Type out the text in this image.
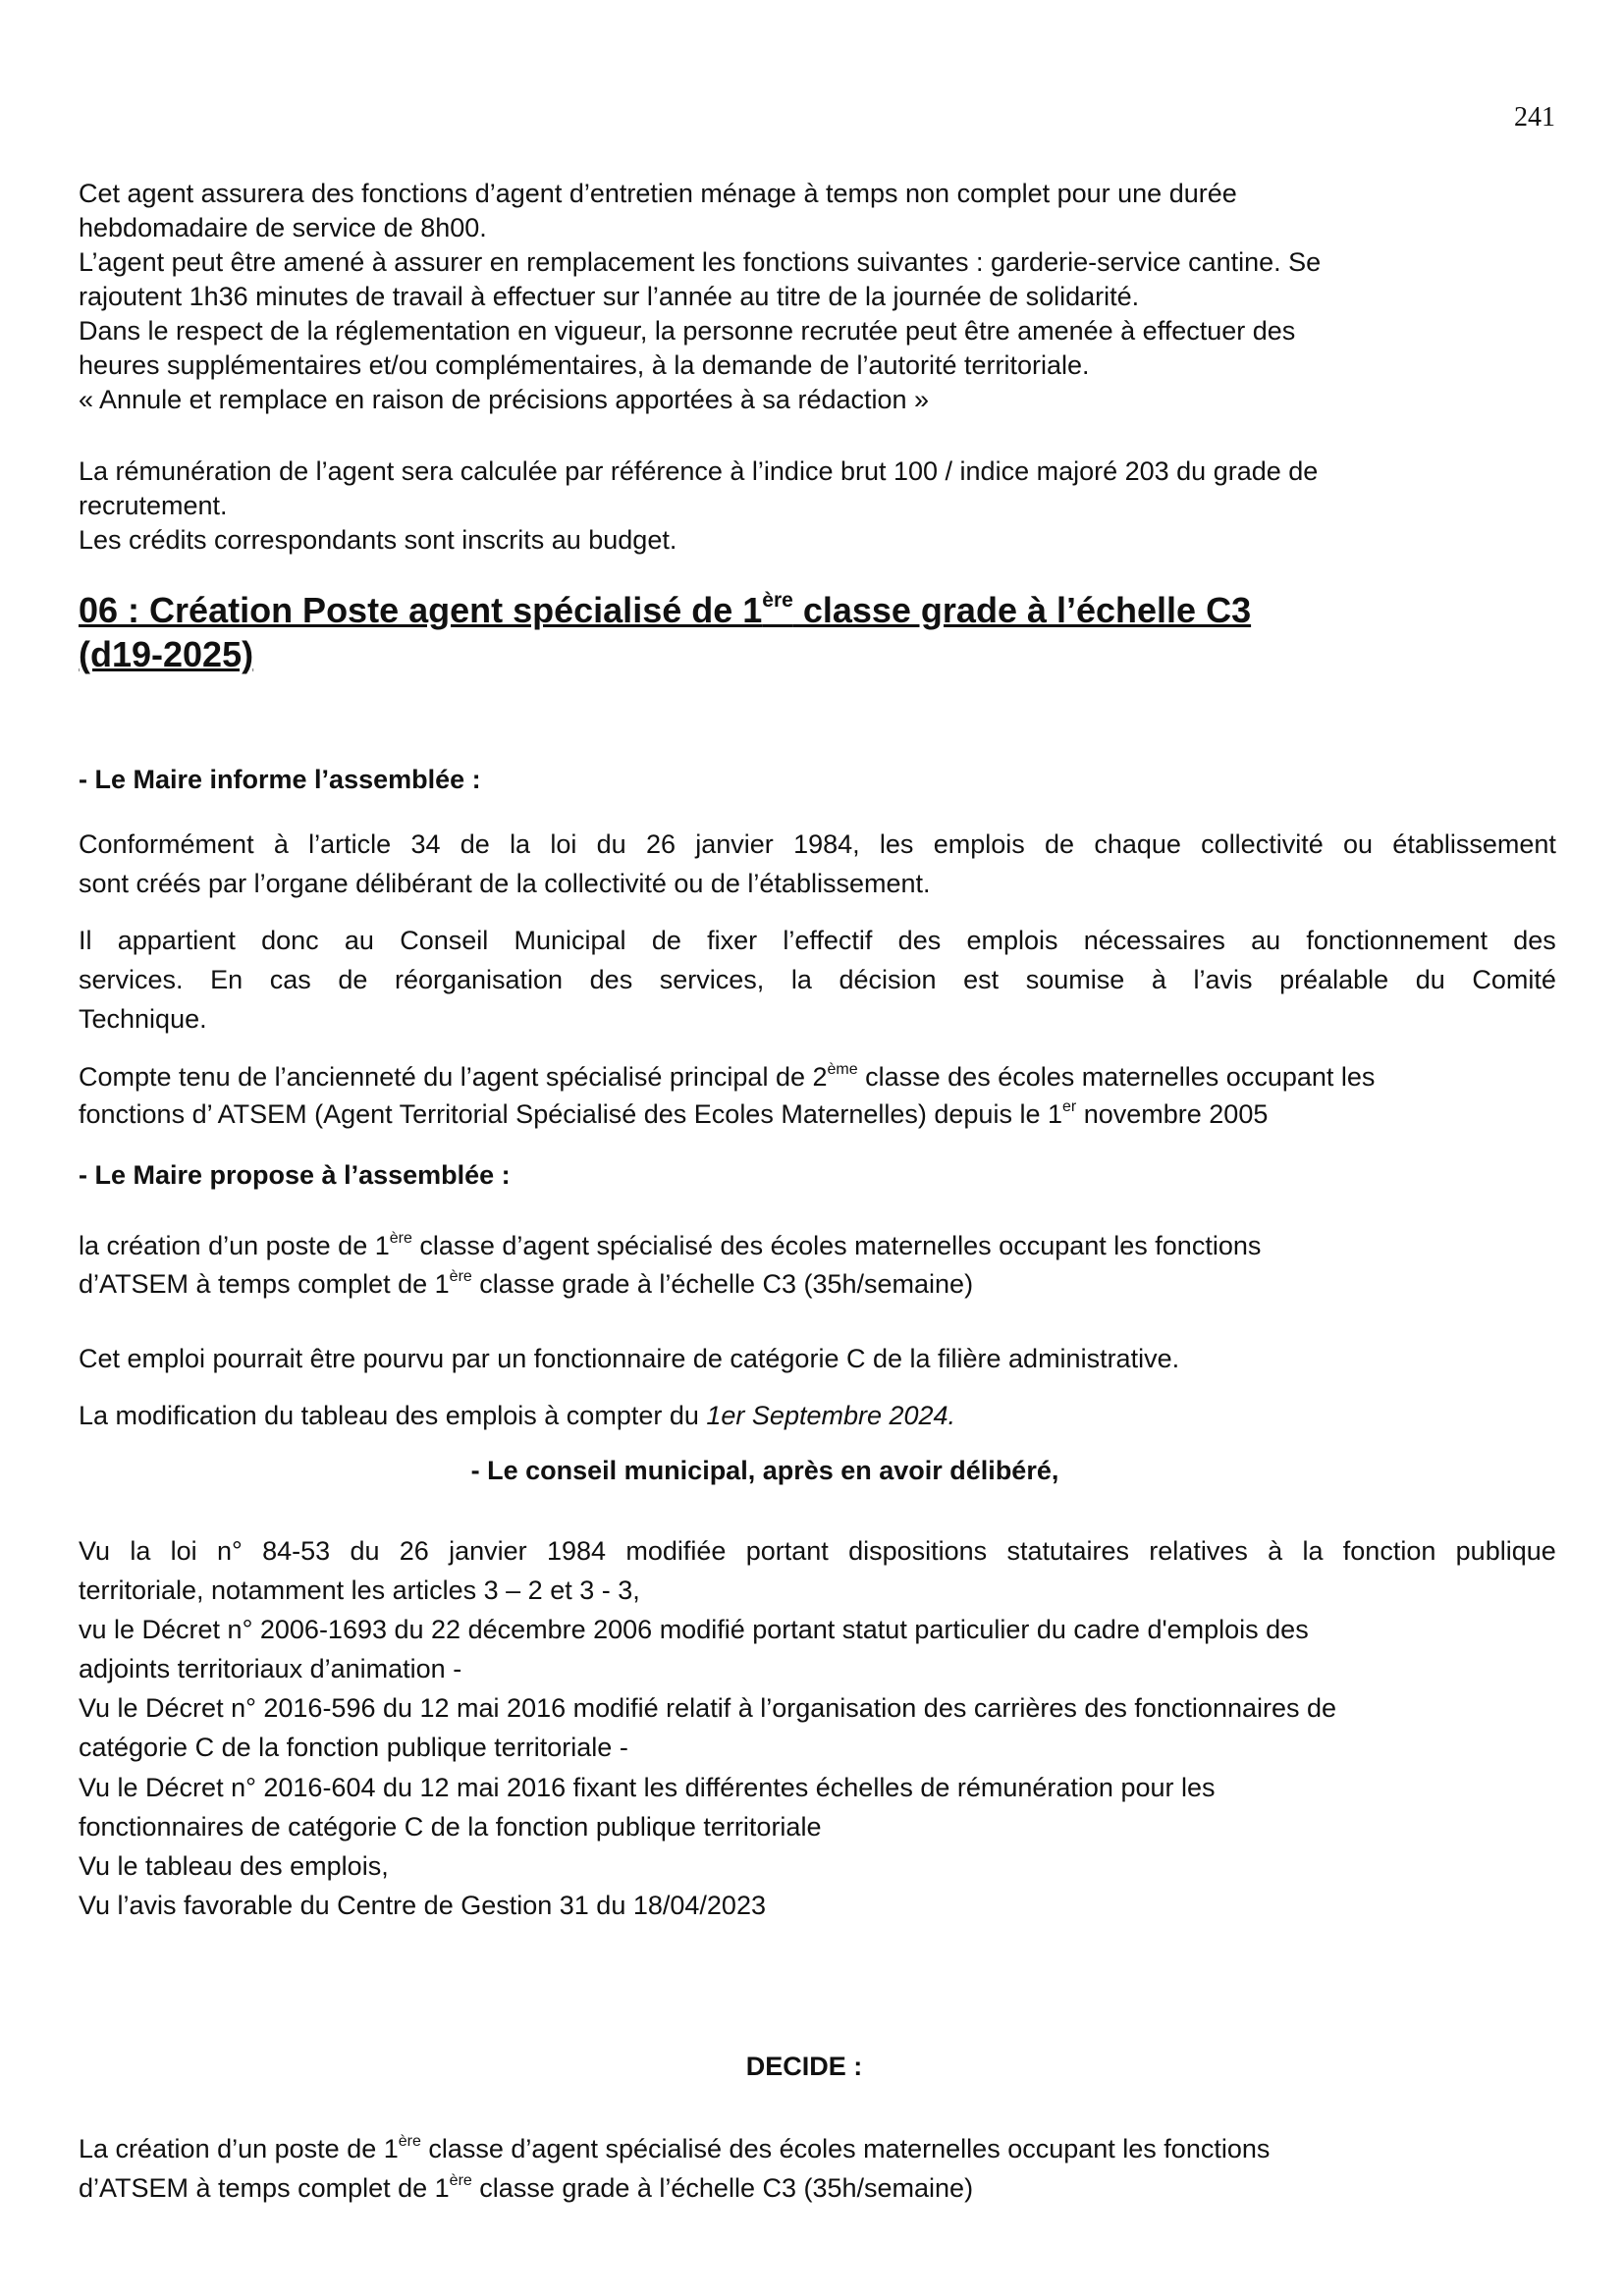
241
Cet agent assurera des fonctions d’agent d’entretien ménage à temps non complet pour une durée
hebdomadaire de service de 8h00.
L’agent peut être amené à assurer en remplacement les fonctions suivantes : garderie-service cantine. Se
rajoutent 1h36 minutes de travail à effectuer sur l’année au titre de la journée de solidarité.
Dans le respect de la réglementation en vigueur, la personne recrutée peut être amenée à effectuer des
heures supplémentaires et/ou complémentaires, à la demande de l’autorité territoriale.
« Annule et remplace en raison de précisions apportées à sa rédaction »
La rémunération de l’agent sera calculée par référence à l’indice brut 100 / indice majoré 203 du grade de
recrutement.
Les crédits correspondants sont inscrits au budget.
06 : Création Poste agent spécialisé de 1ère classe grade à l’échelle C3
(d19-2025)
- Le Maire informe l’assemblée :
Conformément à l’article 34 de la loi du 26 janvier 1984, les emplois de chaque collectivité ou établissement
sont créés par l’organe délibérant de la collectivité ou de l’établissement.
Il appartient donc au Conseil Municipal de fixer l’effectif des emplois nécessaires au fonctionnement des
services. En cas de réorganisation des services, la décision est soumise à l’avis préalable du Comité
Technique.
Compte tenu de l’ancienneté du l’agent spécialisé principal de 2ème classe des écoles maternelles occupant les
fonctions d’ ATSEM (Agent Territorial Spécialisé des Ecoles Maternelles) depuis le 1er novembre 2005
- Le Maire propose à l’assemblée :
la création d’un poste de 1ère classe d’agent spécialisé des écoles maternelles occupant les fonctions
d’ATSEM à temps complet de 1ère classe grade à l’échelle C3 (35h/semaine)
Cet emploi pourrait être pourvu par un fonctionnaire de catégorie C de la filière administrative.
La modification du tableau des emplois à compter du 1er Septembre 2024.
- Le conseil municipal, après en avoir délibéré,
Vu la loi n° 84-53 du 26 janvier 1984 modifiée portant dispositions statutaires relatives à la fonction publique
territoriale, notamment les articles 3 – 2 et 3 - 3,
vu le Décret n° 2006-1693 du 22 décembre 2006 modifié portant statut particulier du cadre d'emplois des
adjoints territoriaux d’animation -
Vu le Décret n° 2016-596 du 12 mai 2016 modifié relatif à l’organisation des carrières des fonctionnaires de
catégorie C de la fonction publique territoriale -
Vu le Décret n° 2016-604 du 12 mai 2016 fixant les différentes échelles de rémunération pour les
fonctionnaires de catégorie C de la fonction publique territoriale
Vu le tableau des emplois,
Vu l’avis favorable du Centre de Gestion 31 du 18/04/2023
DECIDE :
La création d’un poste de 1ère classe d’agent spécialisé des écoles maternelles occupant les fonctions
d’ATSEM à temps complet de 1ère classe grade à l’échelle C3 (35h/semaine)
